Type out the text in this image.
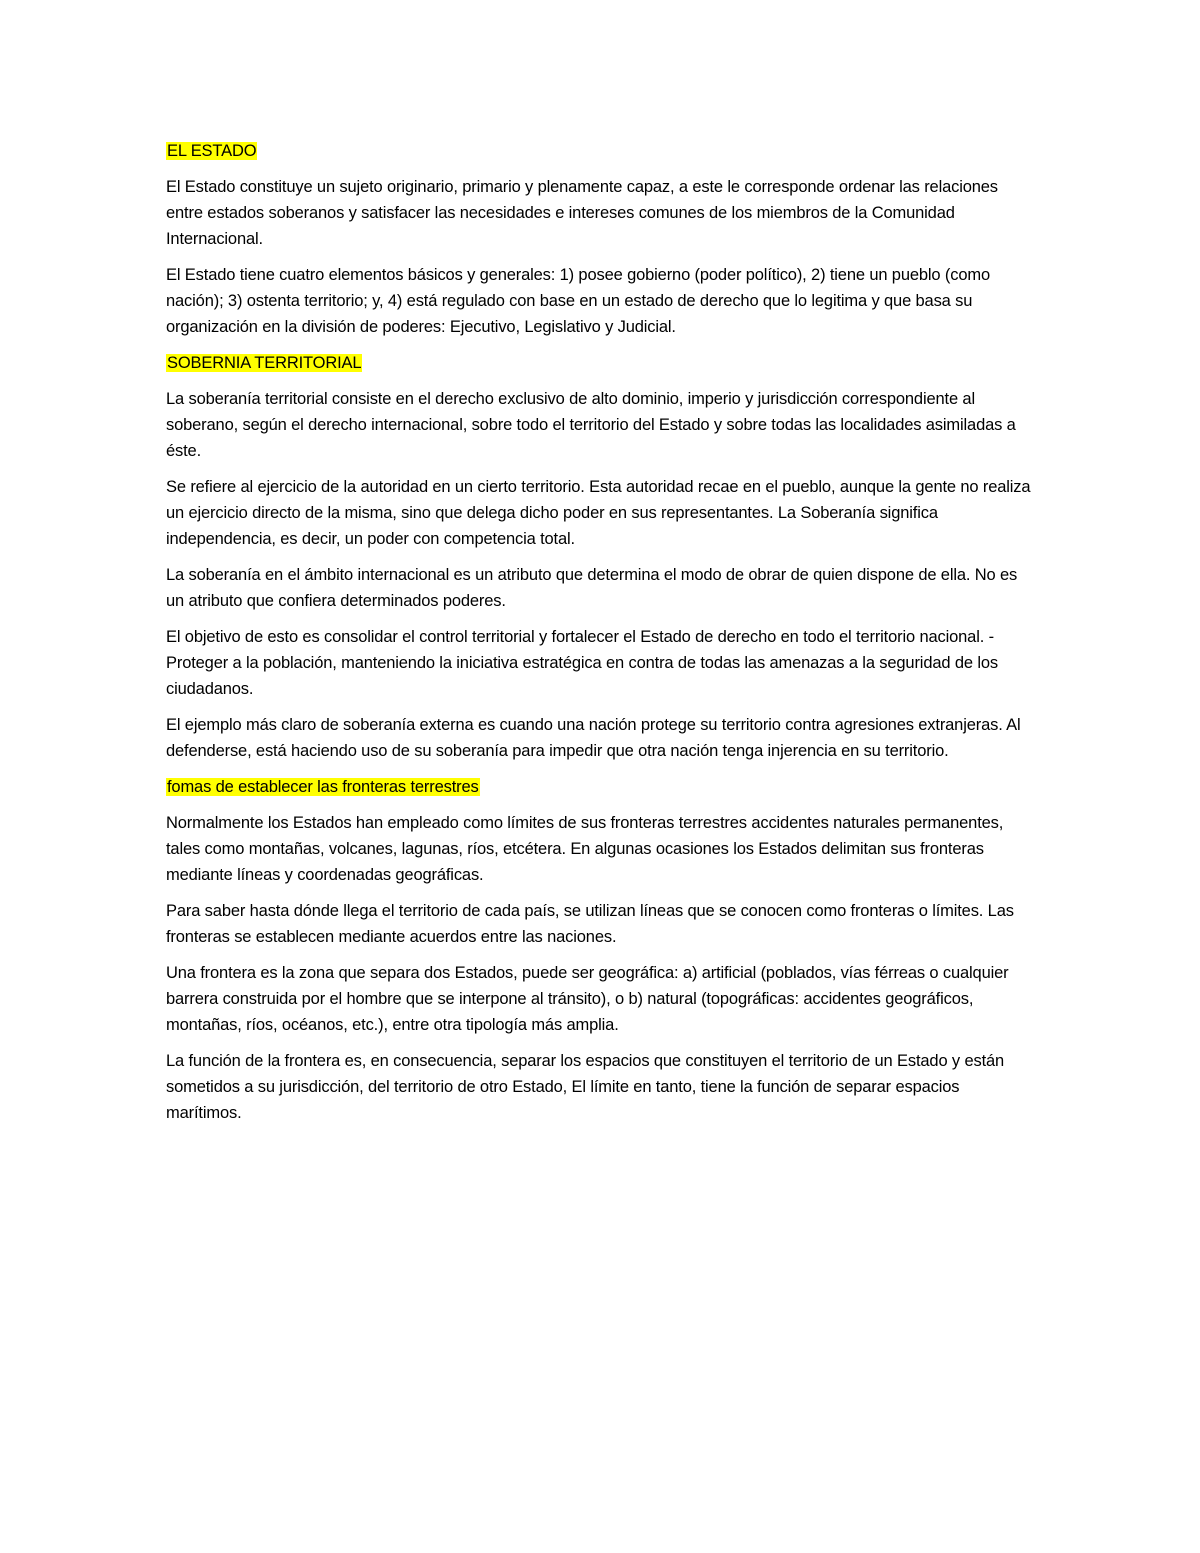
EL ESTADO

El Estado constituye un sujeto originario, primario y plenamente capaz, a este le corresponde ordenar las relaciones entre estados soberanos y satisfacer las necesidades e intereses comunes de los miembros de la Comunidad Internacional.

El Estado tiene cuatro elementos básicos y generales: 1) posee gobierno (poder político), 2) tiene un pueblo (como nación); 3) ostenta territorio; y, 4) está regulado con base en un estado de derecho que lo legitima y que basa su organización en la división de poderes: Ejecutivo, Legislativo y Judicial.

SOBERNIA TERRITORIAL

La soberanía territorial consiste en el derecho exclusivo de alto dominio, imperio y jurisdicción correspondiente al soberano, según el derecho internacional, sobre todo el territorio del Estado y sobre todas las localidades asimiladas a éste.

Se refiere al ejercicio de la autoridad en un cierto territorio. Esta autoridad recae en el pueblo, aunque la gente no realiza un ejercicio directo de la misma, sino que delega dicho poder en sus representantes. La Soberanía significa independencia, es decir, un poder con competencia total.

La soberanía en el ámbito internacional es un atributo que determina el modo de obrar de quien dispone de ella. No es un atributo que confiera determinados poderes.

El objetivo de esto es consolidar el control territorial y fortalecer el Estado de derecho en todo el territorio nacional. - Proteger a la población, manteniendo la iniciativa estratégica en contra de todas las amenazas a la seguridad de los ciudadanos.

El ejemplo más claro de soberanía externa es cuando una nación protege su territorio contra agresiones extranjeras. Al defenderse, está haciendo uso de su soberanía para impedir que otra nación tenga injerencia en su territorio.

fomas de establecer las fronteras terrestres

Normalmente los Estados han empleado como límites de sus fronteras terrestres accidentes naturales permanentes, tales como montañas, volcanes, lagunas, ríos, etcétera. En algunas ocasiones los Estados delimitan sus fronteras mediante líneas y coordenadas geográficas.

Para saber hasta dónde llega el territorio de cada país, se utilizan líneas que se conocen como fronteras o límites. Las fronteras se establecen mediante acuerdos entre las naciones.

Una frontera es la zona que separa dos Estados, puede ser geográfica: a) artificial (poblados, vías férreas o cualquier barrera construida por el hombre que se interpone al tránsito), o b) natural (topográficas: accidentes geográficos, montañas, ríos, océanos, etc.), entre otra tipología más amplia.

La función de la frontera es, en consecuencia, separar los espacios que constituyen el territorio de un Estado y están sometidos a su jurisdicción, del territorio de otro Estado, El límite en tanto, tiene la función de separar espacios marítimos.
